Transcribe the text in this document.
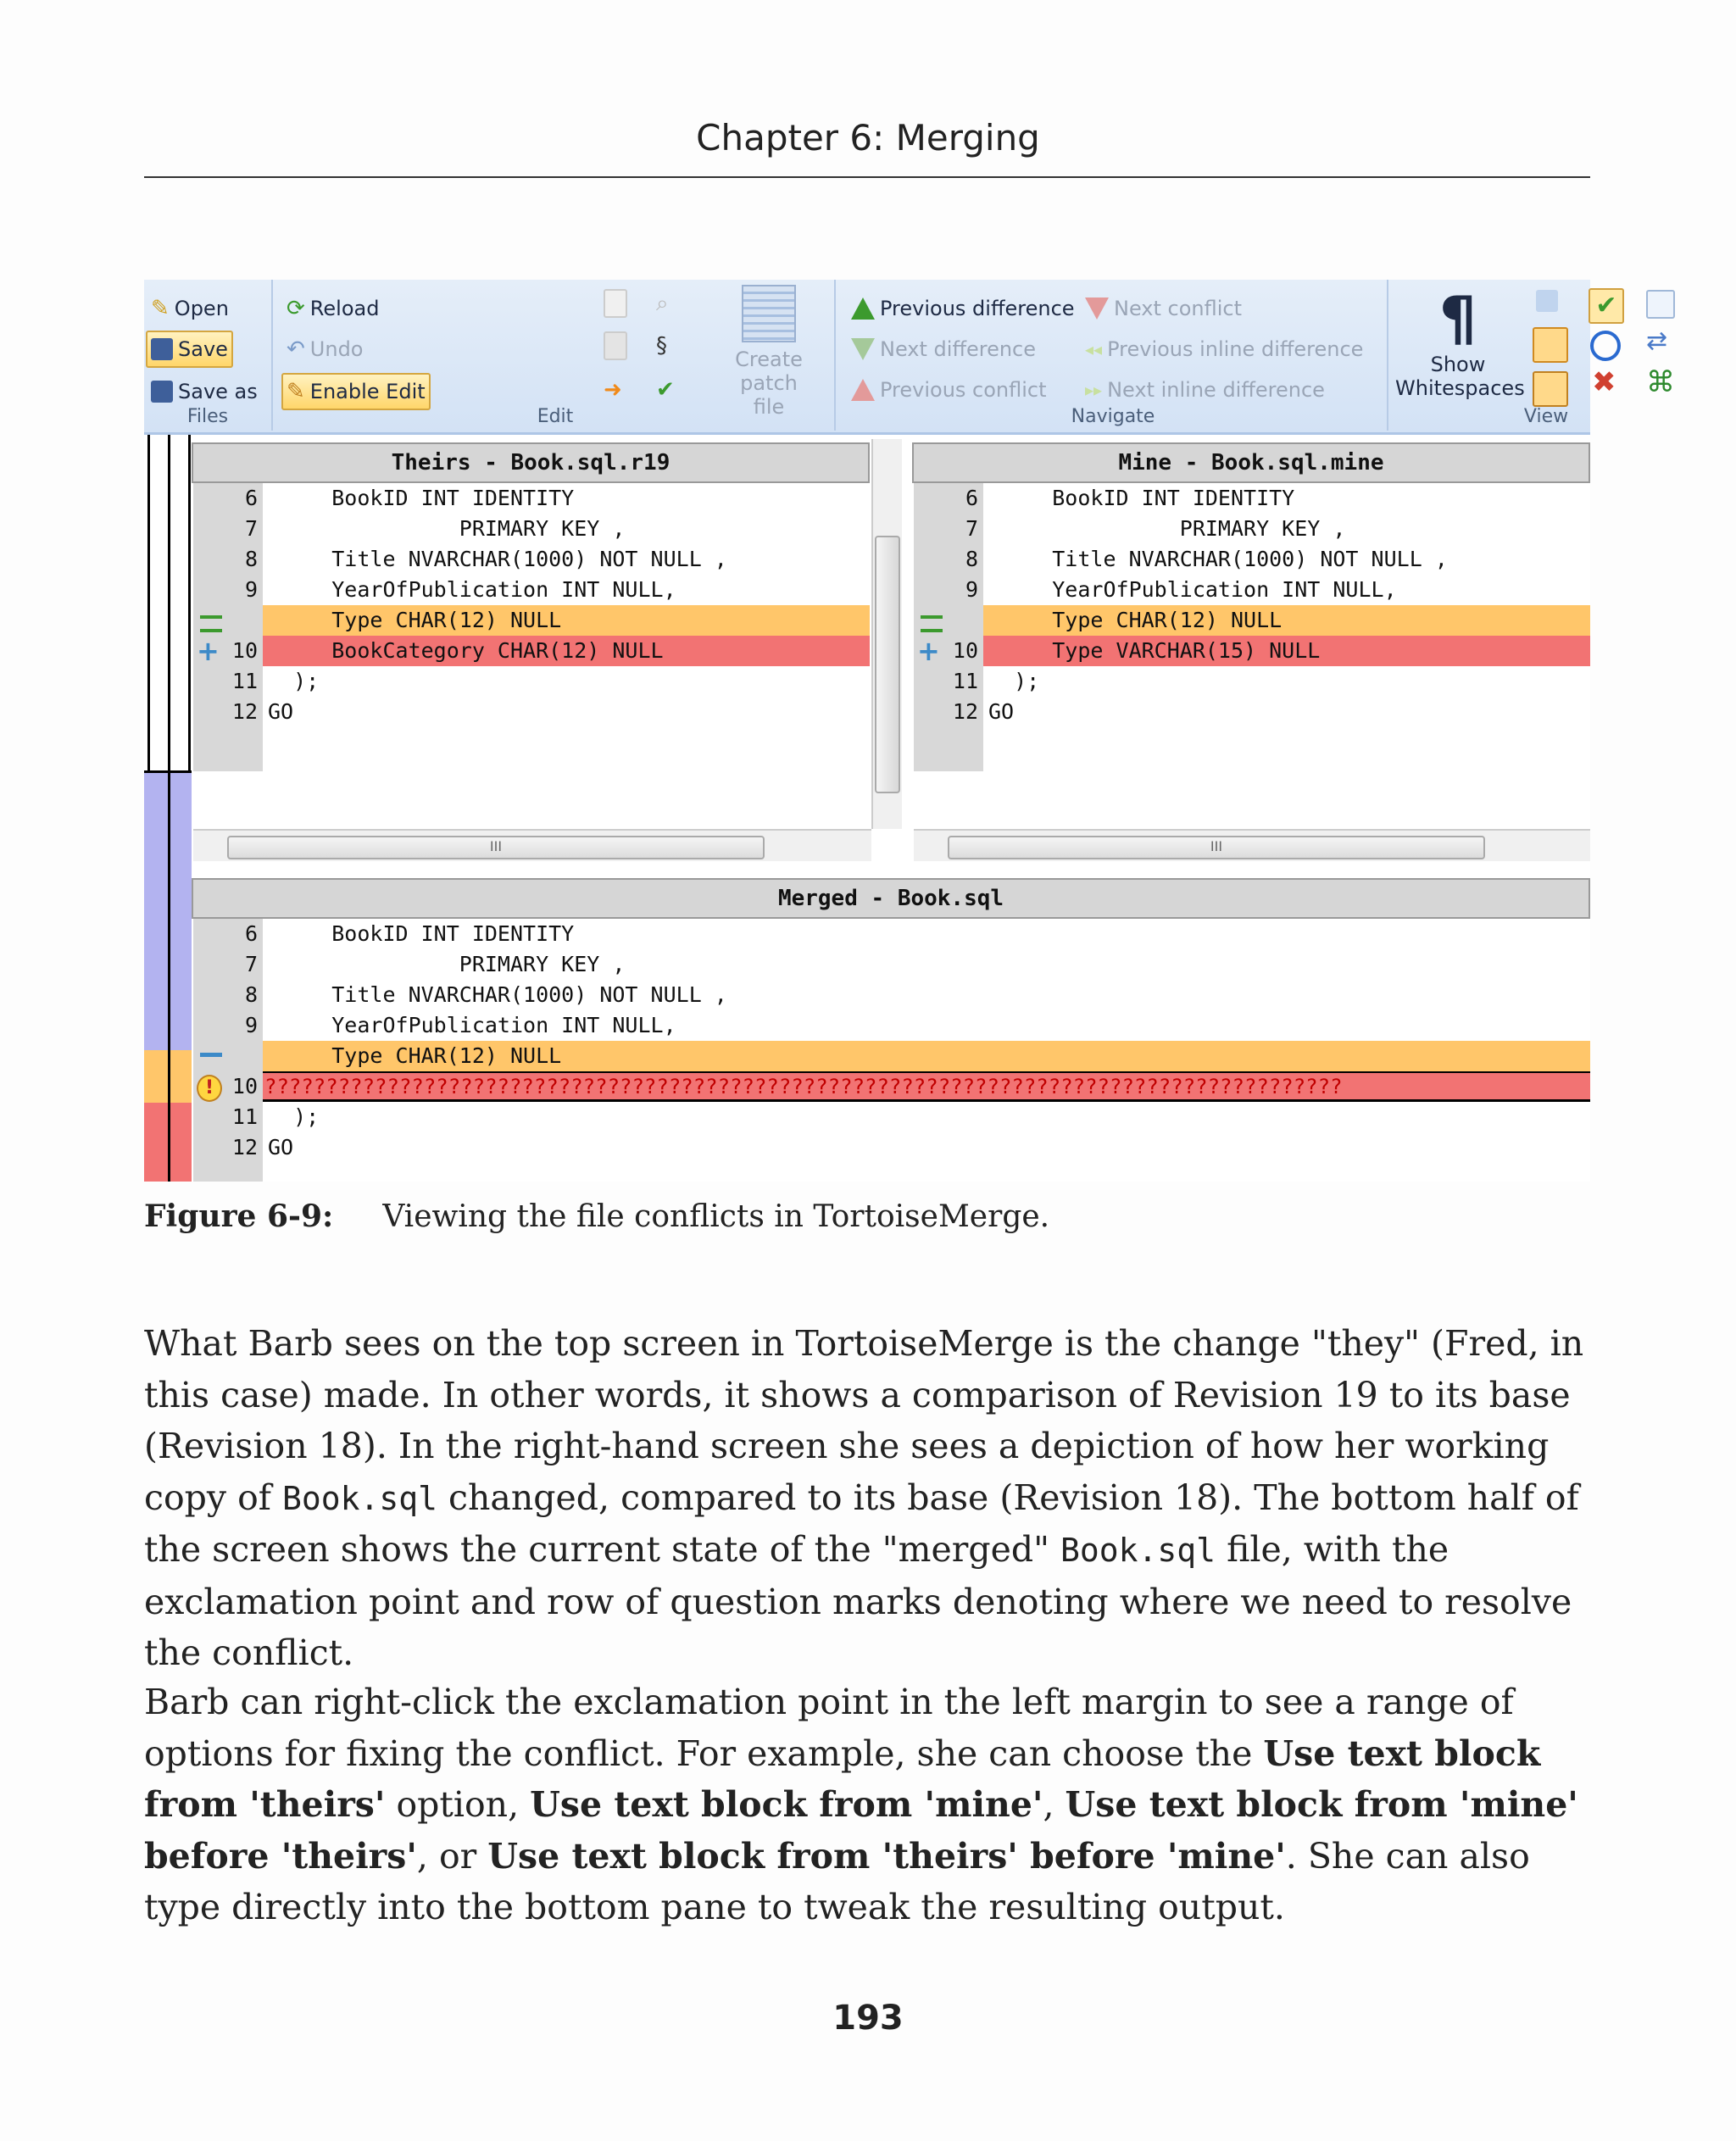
Chapter 6: Merging
✎ Open
Save
Save as
Files
⟳ Reload
↶ Undo
✎ Enable Edit	➜
⌕
§
✔
Create
patch file
Edit
Previous difference
Next difference
Previous conflict
Next conflict
◂◂ Previous inline difference
▸▸ Next inline difference
Navigate
¶
Show
Whitespaces
✔
✖
⇄
⌘
View
Theirs - Book.sql.r19
6 BookID INT IDENTITY
7 PRIMARY KEY ,
8 Title NVARCHAR(1000) NOT NULL ,
9 YearOfPublication INT NULL,
Type CHAR(12) NULL
10 BookCategory CHAR(12) NULL
11 );
12 GO
+
III
Mine - Book.sql.mine
6 BookID INT IDENTITY
7 PRIMARY KEY ,
8 Title NVARCHAR(1000) NOT NULL ,
9 YearOfPublication INT NULL,
Type CHAR(12) NULL
10 Type VARCHAR(15) NULL
11 );
12 GO
+
III
Merged - Book.sql
6 BookID INT IDENTITY
7 PRIMARY KEY ,
8 Title NVARCHAR(1000) NOT NULL ,
9 YearOfPublication INT NULL,
Type CHAR(12) NULL
10 ????????????????????????????????????????????????????????????????????????????????????????
11 );
12 GO
!
Figure 6-9: Viewing the file conflicts in TortoiseMerge.
What Barb sees on the top screen in TortoiseMerge is the change "they" (Fred, in this case) made. In other words, it shows a comparison of Revision 19 to its base (Revision 18). In the right-hand screen she sees a depiction of how her working copy of Book.sql changed, compared to its base (Revision 18). The bottom half of the screen shows the current state of the "merged" Book.sql file, with the exclamation point and row of question marks denoting where we need to resolve the conflict.
Barb can right-click the exclamation point in the left margin to see a range of options for fixing the conflict. For example, she can choose the Use text block from 'theirs' option, Use text block from 'mine', Use text block from 'mine' before 'theirs', or Use text block from 'theirs' before 'mine'. She can also type directly into the bottom pane to tweak the resulting output.
193
